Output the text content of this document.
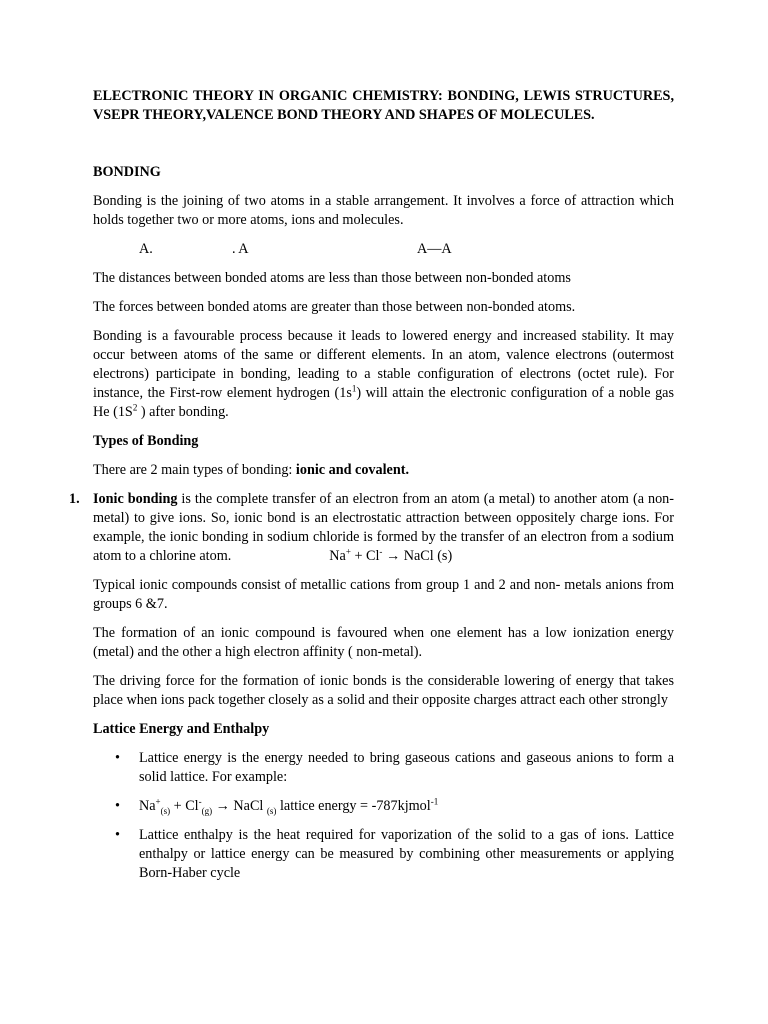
ELECTRONIC THEORY IN ORGANIC CHEMISTRY: BONDING, LEWIS STRUCTURES, VSEPR THEORY,VALENCE BOND THEORY AND SHAPES OF MOLECULES.

BONDING

Bonding is the joining of two atoms in a stable arrangement. It involves a force of attraction which holds together two or more atoms, ions and molecules.

A.	. A	A—A

The distances between bonded atoms are less than those between non-bonded atoms

The forces between bonded atoms are greater than those between non-bonded atoms.

Bonding is a favourable process because it leads to lowered energy and increased stability. It may occur between atoms of the same or different elements. In an atom, valence electrons (outermost electrons) participate in bonding, leading to a stable configuration of electrons (octet rule). For instance, the First-row element hydrogen $(1s^1)$ will attain the electronic configuration of a noble gas He ($1S^2$ ) after bonding.

Types of Bonding

There are 2 main types of bonding: ionic and covalent.

1. Ionic bonding is the complete transfer of an electron from an atom (a metal) to another atom (a non-metal) to give ions. So, ionic bond is an electrostatic attraction between oppositely charge ions. For example, the ionic bonding in sodium chloride is formed by the transfer of an electron from a sodium atom to a chlorine atom.	Na+ + Cl- → NaCl (s)

Typical ionic compounds consist of metallic cations from group 1 and 2 and non- metals anions from groups 6 &7.

The formation of an ionic compound is favoured when one element has a low ionization energy (metal) and the other a high electron affinity ( non-metal).

The driving force for the formation of ionic bonds is the considerable lowering of energy that takes place when ions pack together closely as a solid and their opposite charges attract each other strongly

Lattice Energy and Enthalpy

• Lattice energy is the energy needed to bring gaseous cations and gaseous anions to form a solid lattice. For example:
• $Na^+_{(s)} + Cl^-_{(g)}$ → NaCl $_{(s)}$ lattice energy = -787kjmol$^{-1}$
• Lattice enthalpy is the heat required for vaporization of the solid to a gas of ions. Lattice enthalpy or lattice energy can be measured by combining other measurements or applying Born-Haber cycle
